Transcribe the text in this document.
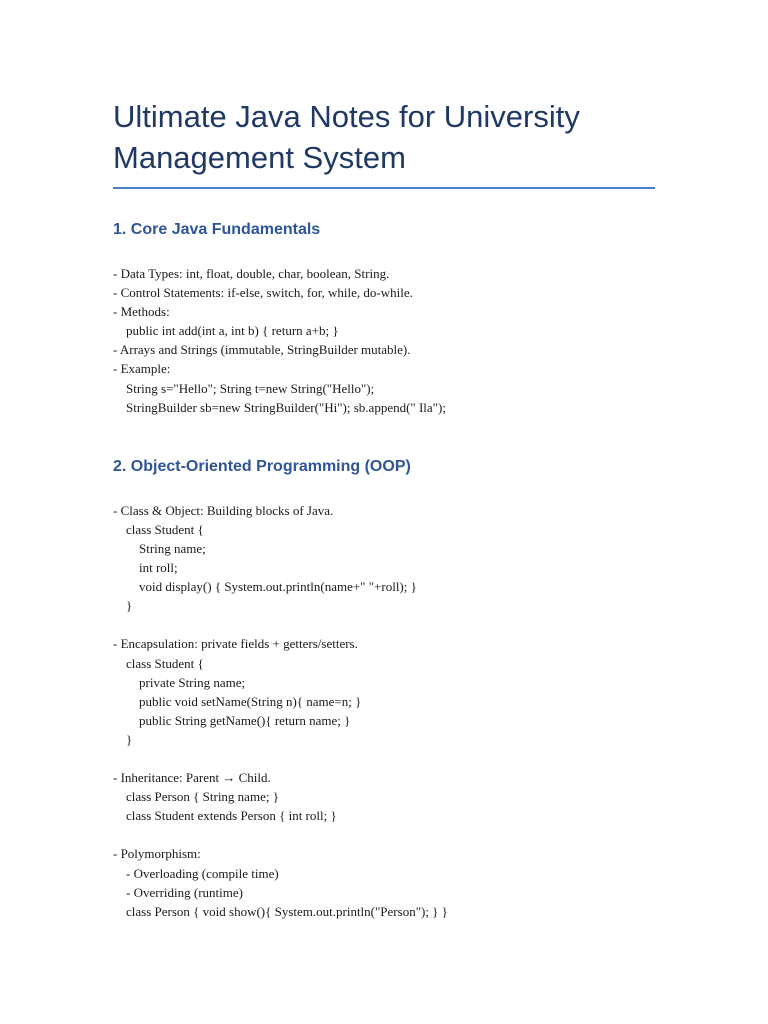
Ultimate Java Notes for University
Management System
1. Core Java Fundamentals
- Data Types: int, float, double, char, boolean, String.
- Control Statements: if-else, switch, for, while, do-while.
- Methods:
public int add(int a, int b) { return a+b; }
- Arrays and Strings (immutable, StringBuilder mutable).
- Example:
String s="Hello"; String t=new String("Hello");
StringBuilder sb=new StringBuilder("Hi"); sb.append(" Ila");
2. Object-Oriented Programming (OOP)
- Class & Object: Building blocks of Java.
class Student {
String name;
int roll;
void display() { System.out.println(name+" "+roll); }
}
- Encapsulation: private fields + getters/setters.
class Student {
private String name;
public void setName(String n){ name=n; }
public String getName(){ return name; }
}
- Inheritance: Parent → Child.
class Person { String name; }
class Student extends Person { int roll; }
- Polymorphism:
- Overloading (compile time)
- Overriding (runtime)
class Person { void show(){ System.out.println("Person"); } }
